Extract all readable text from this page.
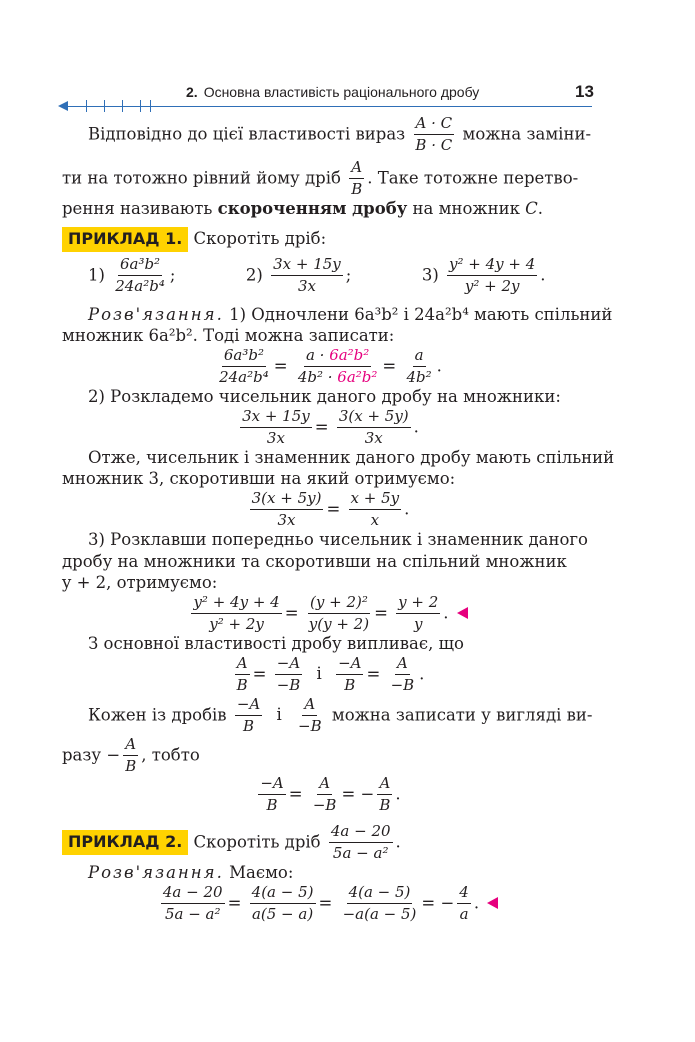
2. Основна властивість раціонального дробу	13
Відповідно до цієї властивості вираз $\frac{A \cdot C}{B \cdot C}$ можна заміни-
ти на тотожно рівний йому дріб $\frac{A}{B}$ . Таке тотожне перетво-
рення називають скороченням дробу на множник C.
ПРИКЛАД 1. Скоротіть дріб:
$1) \frac{\text{6a³b²}}{\text{24a²b⁴}}$ ;	$2) \frac{3x + 15y}{3x}$ ;	$3) \frac{\text{y² + 4y + 4}}{\text{y² + 2y}}$ .
Розв'язання. 1) Одночлени 6a³b² і 24a²b⁴ мають спільний
множник 6a²b². Тоді можна записати:
$\frac{\text{6a³b²}}{\text{24a²b⁴}} = \frac{\text{a · 6a²b²}}{\text{4b² · 6a²b²}} = \frac{a}{\text{4b²}}$ .
2) Розкладемо чисельник даного дробу на множники:
$\frac{3x + 15y}{3x} = \frac{3(x + 5y)}{3x}$ .
Отже, чисельник і знаменник даного дробу мають спільний
множник 3, скоротивши на який отримуємо:
$\frac{3(x + 5y)}{3x} = \frac{x + 5y}{x}$ .
3) Розклавши попередньо чисельник і знаменник даного
дробу на множники та скоротивши на спільний множник
y + 2, отримуємо:
$\frac{\text{y² + 4y + 4}}{\text{y² + 2y}} = \frac{\text{(y + 2)²}}{y(y + 2)} = \frac{y + 2}{y}$ .
З основної властивості дробу випливає, що
$\frac{A}{B} = \frac{-A}{-B}$ і $\frac{-A}{B} = \frac{A}{-B}$ .
Кожен із дробів $\frac{-A}{B}$ і $\frac{A}{-B}$ можна записати у вигляді ви-
разу − $\frac{A}{B}$ , тобто
$\frac{-A}{B} = \frac{A}{-B}$ = − $\frac{A}{B}$ .
ПРИКЛАД 2. Скоротіть дріб $\frac{4a - 20}{\text{5a − a²}}$ .
Розв'язання. Маємо:
$\frac{4a - 20}{\text{5a − a²}} = \frac{4(a - 5)}{a(5 - a)} = \frac{4(a - 5)}{-a(a - 5)}$ = − $\frac{4}{a}$ .
